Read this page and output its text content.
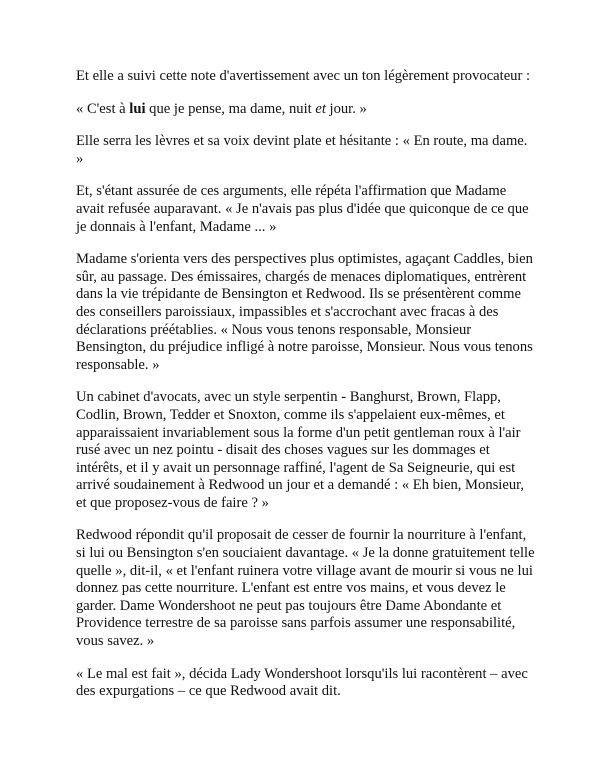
Et elle a suivi cette note d'avertissement avec un ton légèrement provocateur :

« C'est à lui que je pense, ma dame, nuit et jour. »

Elle serra les lèvres et sa voix devint plate et hésitante : « En route, ma dame. »

Et, s'étant assurée de ces arguments, elle répéta l'affirmation que Madame avait refusée auparavant. « Je n'avais pas plus d'idée que quiconque de ce que je donnais à l'enfant, Madame ... »

Madame s'orienta vers des perspectives plus optimistes, agaçant Caddles, bien sûr, au passage. Des émissaires, chargés de menaces diplomatiques, entrèrent dans la vie trépidante de Bensington et Redwood. Ils se présentèrent comme des conseillers paroissiaux, impassibles et s'accrochant avec fracas à des déclarations préétablies. « Nous vous tenons responsable, Monsieur Bensington, du préjudice infligé à notre paroisse, Monsieur. Nous vous tenons responsable. »

Un cabinet d'avocats, avec un style serpentin - Banghurst, Brown, Flapp, Codlin, Brown, Tedder et Snoxton, comme ils s'appelaient eux-mêmes, et apparaissaient invariablement sous la forme d'un petit gentleman roux à l'air rusé avec un nez pointu - disait des choses vagues sur les dommages et intérêts, et il y avait un personnage raffiné, l'agent de Sa Seigneurie, qui est arrivé soudainement à Redwood un jour et a demandé : « Eh bien, Monsieur, et que proposez-vous de faire ? »

Redwood répondit qu'il proposait de cesser de fournir la nourriture à l'enfant, si lui ou Bensington s'en souciaient davantage. « Je la donne gratuitement telle quelle », dit-il, « et l'enfant ruinera votre village avant de mourir si vous ne lui donnez pas cette nourriture. L'enfant est entre vos mains, et vous devez le garder. Dame Wondershoot ne peut pas toujours être Dame Abondante et Providence terrestre de sa paroisse sans parfois assumer une responsabilité, vous savez. »

« Le mal est fait », décida Lady Wondershoot lorsqu'ils lui racontèrent – avec des expurgations – ce que Redwood avait dit.
